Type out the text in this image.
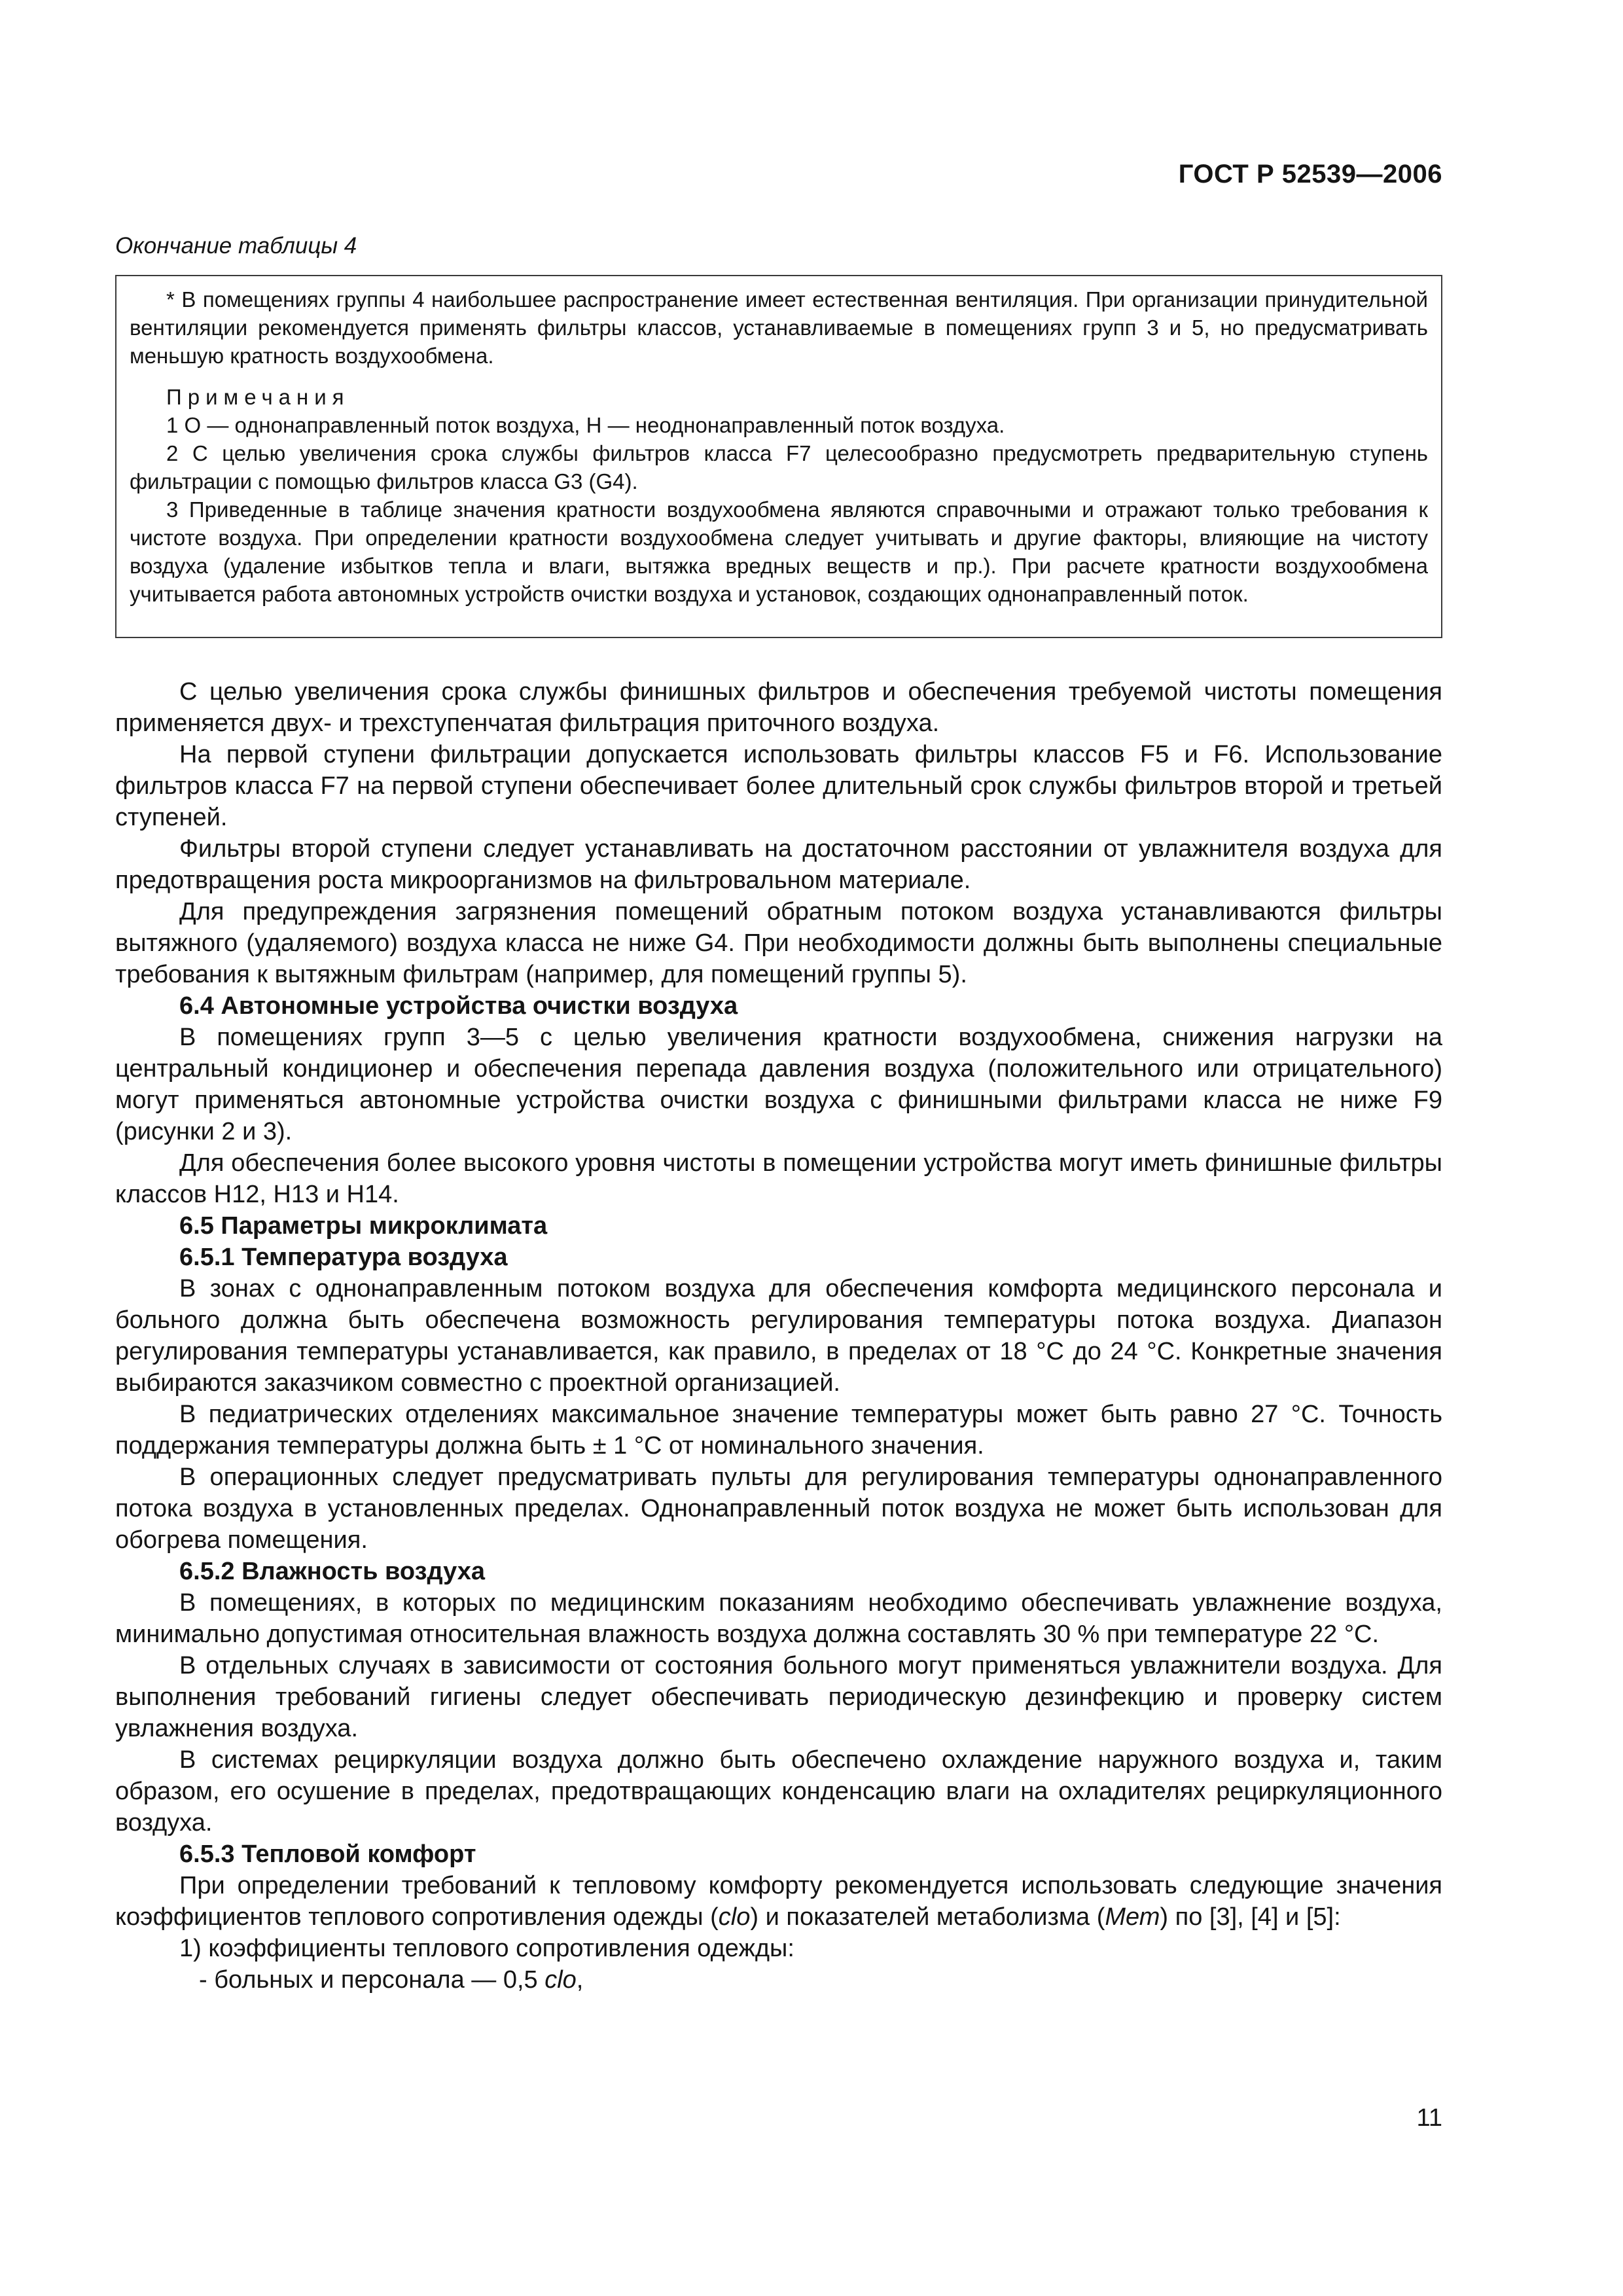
ГОСТ Р 52539—2006
Окончание таблицы 4

* В помещениях группы 4 наибольшее распространение имеет естественная вентиляция. При организации принудительной вентиляции рекомендуется применять фильтры классов, устанавливаемые в помещениях групп 3 и 5, но предусматривать меньшую кратность воздухообмена.

Примечания

1 О — однонаправленный поток воздуха, Н — неоднонаправленный поток воздуха.

2 С целью увеличения срока службы фильтров класса F7 целесообразно предусмотреть предварительную ступень фильтрации с помощью фильтров класса G3 (G4).

3 Приведенные в таблице значения кратности воздухообмена являются справочными и отражают только требования к чистоте воздуха. При определении кратности воздухообмена следует учитывать и другие факторы, влияющие на чистоту воздуха (удаление избытков тепла и влаги, вытяжка вредных веществ и пр.). При расчете кратности воздухообмена учитывается работа автономных устройств очистки воздуха и установок, создающих однонаправленный поток.

С целью увеличения срока службы финишных фильтров и обеспечения требуемой чистоты помещения применяется двух- и трехступенчатая фильтрация приточного воздуха.

На первой ступени фильтрации допускается использовать фильтры классов F5 и F6. Использование фильтров класса F7 на первой ступени обеспечивает более длительный срок службы фильтров второй и третьей ступеней.

Фильтры второй ступени следует устанавливать на достаточном расстоянии от увлажнителя воздуха для предотвращения роста микроорганизмов на фильтровальном материале.

Для предупреждения загрязнения помещений обратным потоком воздуха устанавливаются фильтры вытяжного (удаляемого) воздуха класса не ниже G4. При необходимости должны быть выполнены специальные требования к вытяжным фильтрам (например, для помещений группы 5).

6.4 Автономные устройства очистки воздуха

В помещениях групп 3—5 с целью увеличения кратности воздухообмена, снижения нагрузки на центральный кондиционер и обеспечения перепада давления воздуха (положительного или отрицательного) могут применяться автономные устройства очистки воздуха с финишными фильтрами класса не ниже F9 (рисунки 2 и 3).

Для обеспечения более высокого уровня чистоты в помещении устройства могут иметь финишные фильтры классов Н12, Н13 и Н14.

6.5 Параметры микроклимата
6.5.1 Температура воздуха

В зонах с однонаправленным потоком воздуха для обеспечения комфорта медицинского персонала и больного должна быть обеспечена возможность регулирования температуры потока воздуха. Диапазон регулирования температуры устанавливается, как правило, в пределах от 18 °С до 24 °С. Конкретные значения выбираются заказчиком совместно с проектной организацией.

В педиатрических отделениях максимальное значение температуры может быть равно 27 °С. Точность поддержания температуры должна быть ± 1 °С от номинального значения.

В операционных следует предусматривать пульты для регулирования температуры однонаправленного потока воздуха в установленных пределах. Однонаправленный поток воздуха не может быть использован для обогрева помещения.

6.5.2 Влажность воздуха

В помещениях, в которых по медицинским показаниям необходимо обеспечивать увлажнение воздуха, минимально допустимая относительная влажность воздуха должна составлять 30 % при температуре 22 °С.

В отдельных случаях в зависимости от состояния больного могут применяться увлажнители воздуха. Для выполнения требований гигиены следует обеспечивать периодическую дезинфекцию и проверку систем увлажнения воздуха.

В системах рециркуляции воздуха должно быть обеспечено охлаждение наружного воздуха и, таким образом, его осушение в пределах, предотвращающих конденсацию влаги на охладителях рециркуляционного воздуха.

6.5.3 Тепловой комфорт

При определении требований к тепловому комфорту рекомендуется использовать следующие значения коэффициентов теплового сопротивления одежды (clo) и показателей метаболизма (Мет) по [3], [4] и [5]:

1) коэффициенты теплового сопротивления одежды:

- больных и персонала — 0,5 clo,

11
